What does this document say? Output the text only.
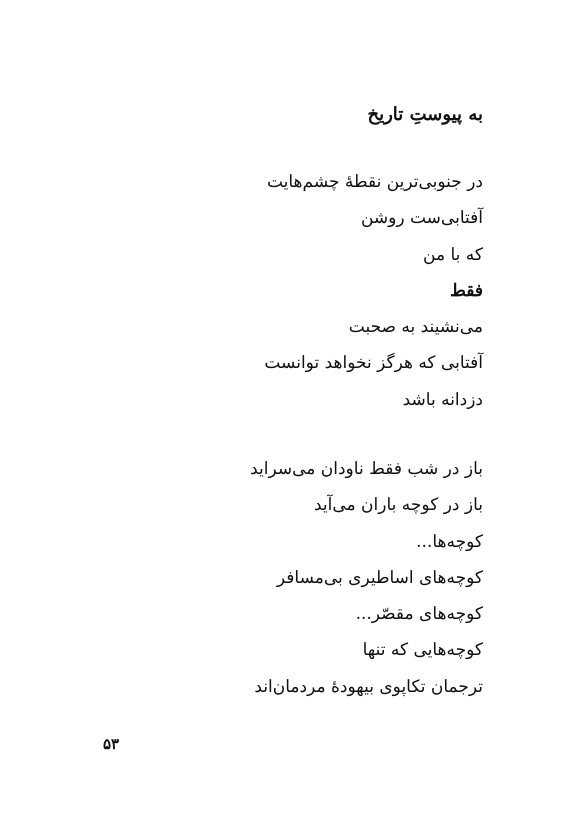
به پیوستِ تاریخ
در جنوبی‌ترین نقطهٔ چشم‌هایت
آفتابی‌ست روشن
که با من
فقط
می‌نشیند به صحبت
آفتابی که هرگز نخواهد توانست
دزدانه باشد
باز در شب فقط ناودان می‌سراید
باز در کوچه باران می‌آید
کوچه‌ها...
کوچه‌های اساطیری بی‌مسافر
کوچه‌های مقصّر...
کوچه‌هایی که تنها
ترجمان تکاپوی بیهودهٔ مردمان‌اند
۵۳
